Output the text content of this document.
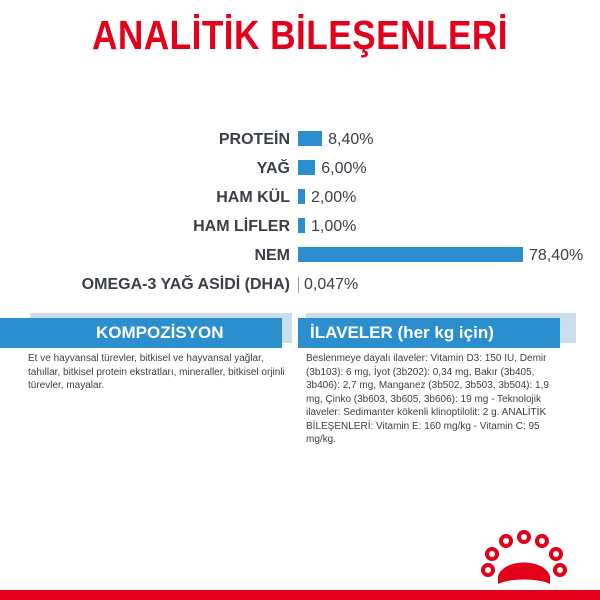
ANALİTİK BİLEŞENLERİ
PROTEİN 8,40%
YAĞ 6,00%
HAM KÜL 2,00%
HAM LİFLER 1,00%
NEM	78,40%
OMEGA-3 YAĞ ASİDİ (DHA) 0,047%
KOMPOZİSYON
Et ve hayvansal türevler, bitkisel ve hayvansal yağlar, tahıllar, bitkisel protein ekstratları, mineraller, bitkisel orjinli türevler, mayalar.
İLAVELER (her kg için)
Beslenmeye dayalı ilaveler: Vitamin D3: 150 IU, Demir (3b103): 6 mg, İyot (3b202): 0,34 mg, Bakır (3b405, 3b406): 2,7 mg, Manganez (3b502, 3b503, 3b504): 1,9 mg, Çinko (3b603, 3b605, 3b606): 19 mg - Teknolojik ilaveler: Sedimanter kökenli klinoptilolit: 2 g. ANALİTİK BİLEŞENLERİ: Vitamin E: 160 mg/kg - Vitamin C: 95 mg/kg.
